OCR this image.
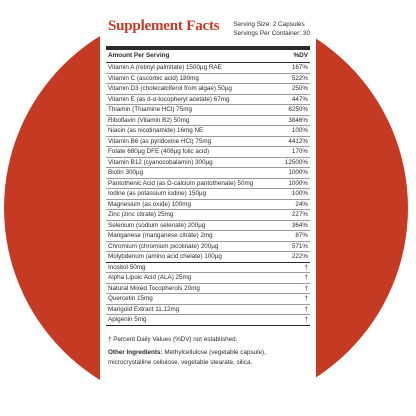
Supplement Facts Serving Size: 2 Capsules
Servings Per Container: 30
Amount Per Serving	%DV
Vitamin A (retinyl palmitate) 1500µg RAE	167%
Vitamin C (ascorbic acid) 180mg	522%
Vitamin D3 (cholecalciferol from algae) 50µg	250%
Vitamin E (as d-α-tocopheryl acetate) 67mg	447%
Thiamin (Thiamine HCl) 75mg	6250%
Riboflavin (Vitamin B2) 50mg	3846%
Niacin (as nicotinamide) 16mg NE	100%
Vitamin B6 (as pyridoxine HCl) 75mg	4412%
Folate 680µg DFE (408µg folic acid)	170%
Vitamin B12 (cyanocobalamin) 300µg	12500%
Biotin 300µg	1000%
Pantothenic Acid (as D-calcium pantothenate) 50mg	1000%
Iodine (as potassium iodine) 150µg	100%
Magnesium (as oxide) 100mg	24%
Zinc (zinc citrate) 25mg	227%
Selenium (sodium selenate) 200µg	364%
Manganese (manganese citrate) 2mg	87%
Chromium (chromium picolinate) 200µg	571%
Molybdenum (amino acid chelate) 100µg	222%
Inositol 50mg	†
Alpha Lipoic Acid (ALA) 25mg	†
Natural Mixed Tocopherols 20mg	†
Quercetin 15mg	†
Marigold Extract 11.12mg	†
Apigenin 5mg	†
† Percent Daily Values (%DV) not established.
Other Ingredients: Methylcellulose (vegetable capsule), microcrystalline cellulose, vegetable stearate, silica.
